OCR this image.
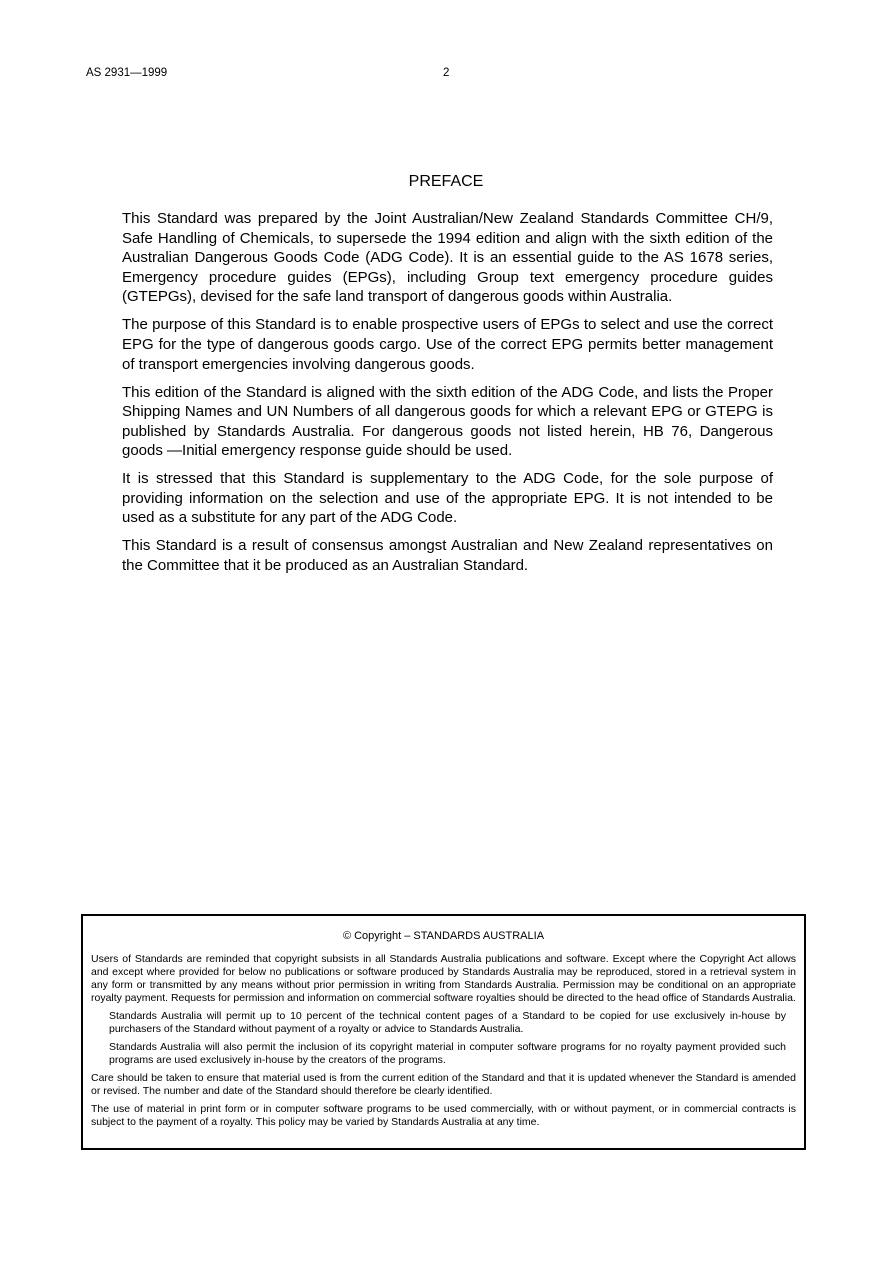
AS 2931—1999	2
PREFACE

This Standard was prepared by the Joint Australian/New Zealand Standards Committee CH/9, Safe Handling of Chemicals, to supersede the 1994 edition and align with the sixth edition of the Australian Dangerous Goods Code (ADG Code). It is an essential guide to the AS 1678 series, Emergency procedure guides (EPGs), including Group text emergency procedure guides (GTEPGs), devised for the safe land transport of dangerous goods within Australia.

The purpose of this Standard is to enable prospective users of EPGs to select and use the correct EPG for the type of dangerous goods cargo. Use of the correct EPG permits better management of transport emergencies involving dangerous goods.

This edition of the Standard is aligned with the sixth edition of the ADG Code, and lists the Proper Shipping Names and UN Numbers of all dangerous goods for which a relevant EPG or GTEPG is published by Standards Australia. For dangerous goods not listed herein, HB 76, Dangerous goods —Initial emergency response guide should be used.

It is stressed that this Standard is supplementary to the ADG Code, for the sole purpose of providing information on the selection and use of the appropriate EPG. It is not intended to be used as a substitute for any part of the ADG Code.

This Standard is a result of consensus amongst Australian and New Zealand representatives on the Committee that it be produced as an Australian Standard.

© Copyright – STANDARDS AUSTRALIA

Users of Standards are reminded that copyright subsists in all Standards Australia publications and software. Except where the Copyright Act allows and except where provided for below no publications or software produced by Standards Australia may be reproduced, stored in a retrieval system in any form or transmitted by any means without prior permission in writing from Standards Australia. Permission may be conditional on an appropriate royalty payment. Requests for permission and information on commercial software royalties should be directed to the head office of Standards Australia.

Standards Australia will permit up to 10 percent of the technical content pages of a Standard to be copied for use exclusively in-house by purchasers of the Standard without payment of a royalty or advice to Standards Australia.

Standards Australia will also permit the inclusion of its copyright material in computer software programs for no royalty payment provided such programs are used exclusively in-house by the creators of the programs.

Care should be taken to ensure that material used is from the current edition of the Standard and that it is updated whenever the Standard is amended or revised. The number and date of the Standard should therefore be clearly identified.

The use of material in print form or in computer software programs to be used commercially, with or without payment, or in commercial contracts is subject to the payment of a royalty. This policy may be varied by Standards Australia at any time.
